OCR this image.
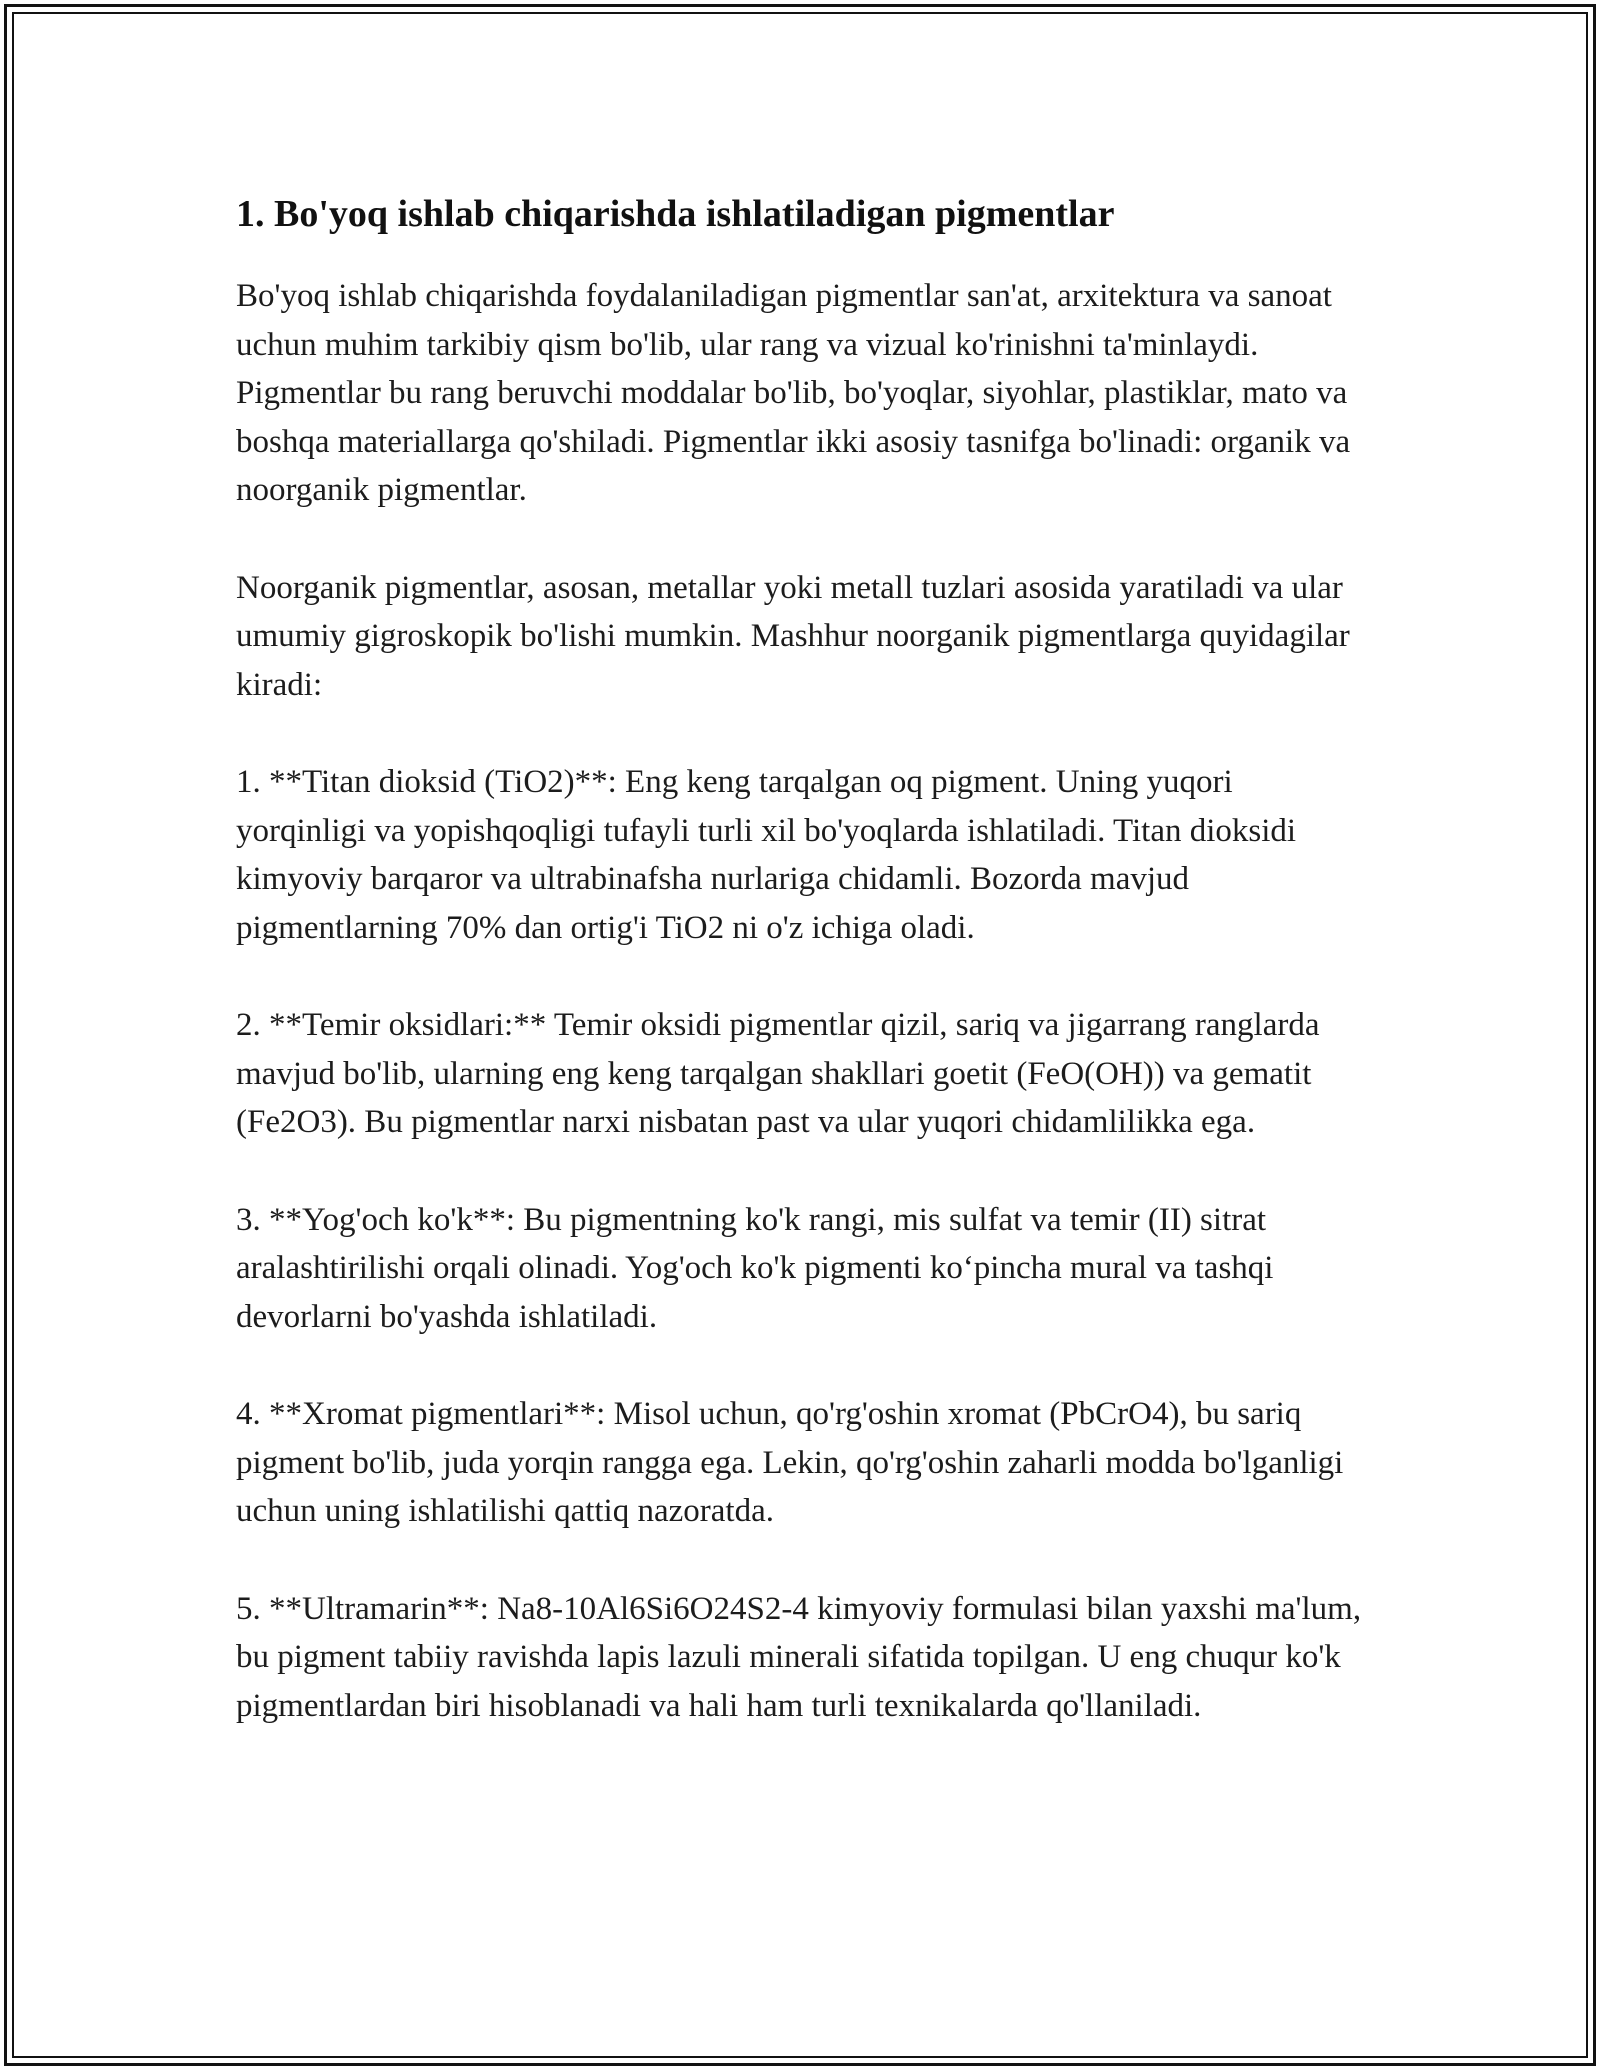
1. Bo'yoq ishlab chiqarishda ishlatiladigan pigmentlar

Bo'yoq ishlab chiqarishda foydalaniladigan pigmentlar san'at, arxitektura va sanoat uchun muhim tarkibiy qism bo'lib, ular rang va vizual ko'rinishni ta'minlaydi. Pigmentlar bu rang beruvchi moddalar bo'lib, bo'yoqlar, siyohlar, plastiklar, mato va boshqa materiallarga qo'shiladi. Pigmentlar ikki asosiy tasnifga bo'linadi: organik va noorganik pigmentlar.

Noorganik pigmentlar, asosan, metallar yoki metall tuzlari asosida yaratiladi va ular umumiy gigroskopik bo'lishi mumkin. Mashhur noorganik pigmentlarga quyidagilar kiradi:

1. **Titan dioksid (TiO2)**: Eng keng tarqalgan oq pigment. Uning yuqori yorqinligi va yopishqoqligi tufayli turli xil bo'yoqlarda ishlatiladi. Titan dioksidi kimyoviy barqaror va ultrabinafsha nurlariga chidamli. Bozorda mavjud pigmentlarning 70% dan ortig'i TiO2 ni o'z ichiga oladi.

2. **Temir oksidlari:** Temir oksidi pigmentlar qizil, sariq va jigarrang ranglarda mavjud bo'lib, ularning eng keng tarqalgan shakllari goetit (FeO(OH)) va gematit (Fe2O3). Bu pigmentlar narxi nisbatan past va ular yuqori chidamlilikka ega.

3. **Yog'och ko'k**: Bu pigmentning ko'k rangi, mis sulfat va temir (II) sitrat aralashtirilishi orqali olinadi. Yog'och ko'k pigmenti ko‘pincha mural va tashqi devorlarni bo'yashda ishlatiladi.

4. **Xromat pigmentlari**: Misol uchun, qo'rg'oshin xromat (PbCrO4), bu sariq pigment bo'lib, juda yorqin rangga ega. Lekin, qo'rg'oshin zaharli modda bo'lganligi uchun uning ishlatilishi qattiq nazoratda.

5. **Ultramarin**: Na8-10Al6Si6O24S2-4 kimyoviy formulasi bilan yaxshi ma'lum, bu pigment tabiiy ravishda lapis lazuli minerali sifatida topilgan. U eng chuqur ko'k pigmentlardan biri hisoblanadi va hali ham turli texnikalarda qo'llaniladi.
